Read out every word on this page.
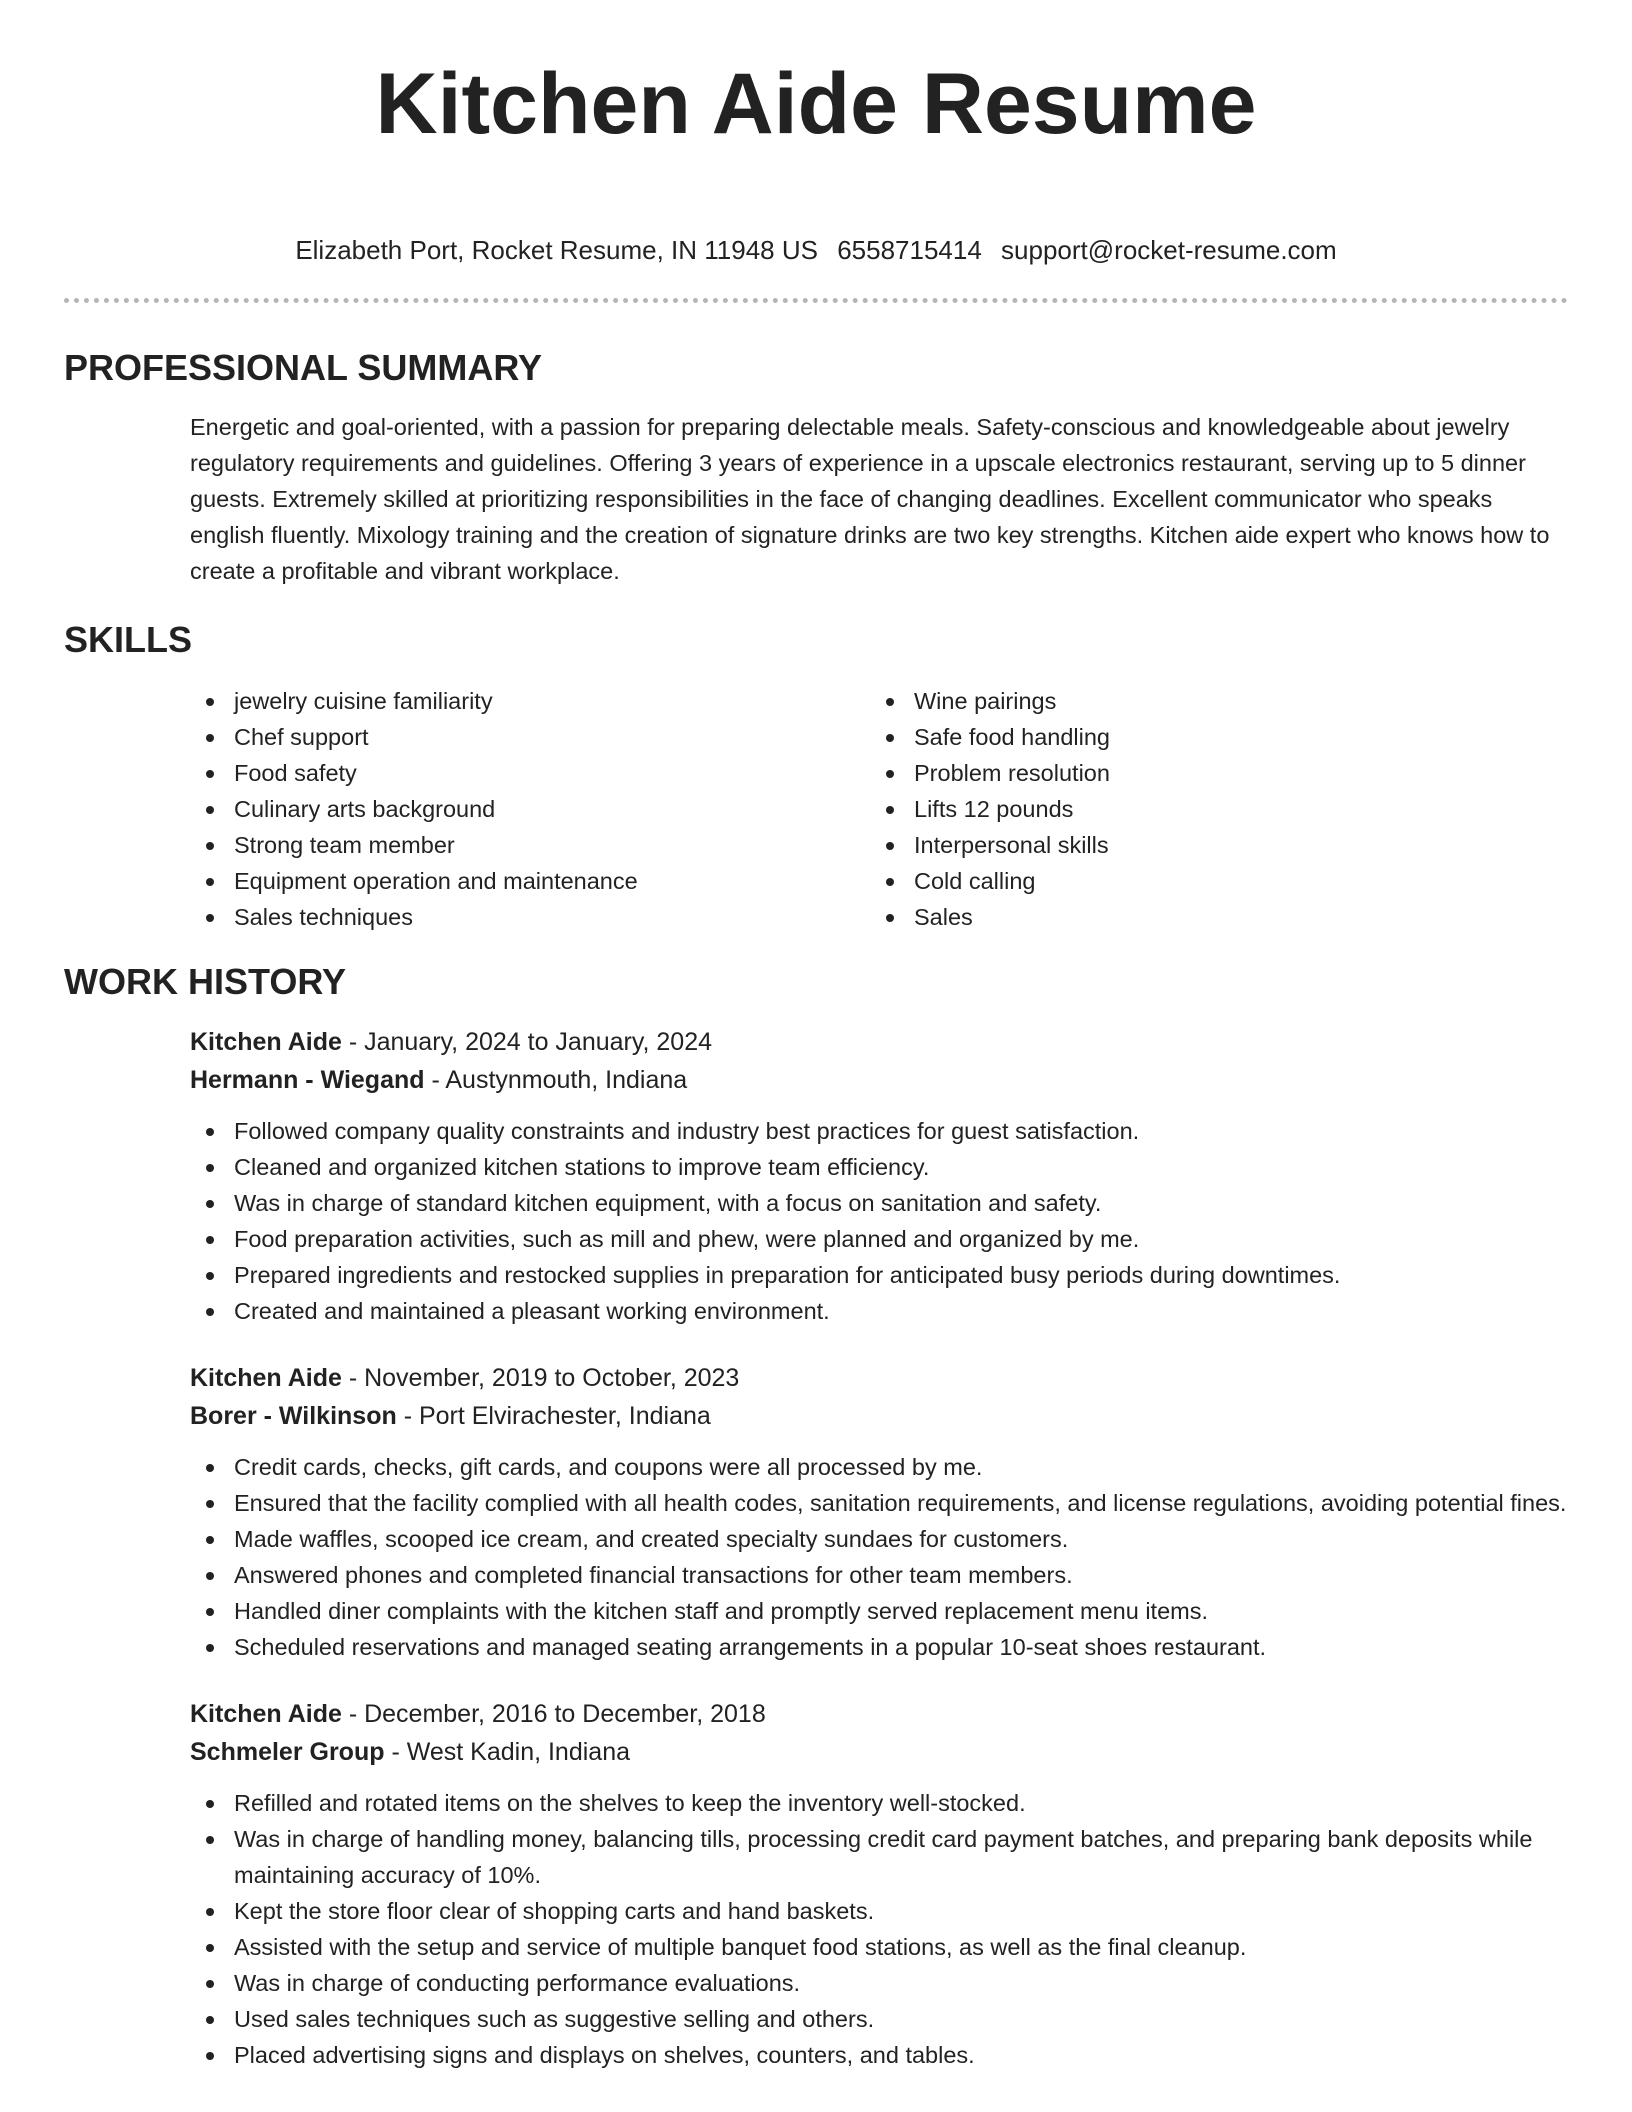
Kitchen Aide Resume
Elizabeth Port, Rocket Resume, IN 11948 US 6558715414 support@rocket-resume.com
PROFESSIONAL SUMMARY

Energetic and goal-oriented, with a passion for preparing delectable meals. Safety-conscious and knowledgeable about jewelry regulatory requirements and guidelines. Offering 3 years of experience in a upscale electronics restaurant, serving up to 5 dinner guests. Extremely skilled at prioritizing responsibilities in the face of changing deadlines. Excellent communicator who speaks english fluently. Mixology training and the creation of signature drinks are two key strengths. Kitchen aide expert who knows how to create a profitable and vibrant workplace.

SKILLS
jewelry cuisine familiarity
Chef support
Food safety
Culinary arts background
Strong team member
Equipment operation and maintenance
Sales techniques
Wine pairings
Safe food handling
Problem resolution
Lifts 12 pounds
Interpersonal skills
Cold calling
Sales
WORK HISTORY
Kitchen Aide - January, 2024 to January, 2024
Hermann - Wiegand - Austynmouth, Indiana
Followed company quality constraints and industry best practices for guest satisfaction.
Cleaned and organized kitchen stations to improve team efficiency.
Was in charge of standard kitchen equipment, with a focus on sanitation and safety.
Food preparation activities, such as mill and phew, were planned and organized by me.
Prepared ingredients and restocked supplies in preparation for anticipated busy periods during downtimes.
Created and maintained a pleasant working environment.
Kitchen Aide - November, 2019 to October, 2023
Borer - Wilkinson - Port Elvirachester, Indiana
Credit cards, checks, gift cards, and coupons were all processed by me.
Ensured that the facility complied with all health codes, sanitation requirements, and license regulations, avoiding potential fines.
Made waffles, scooped ice cream, and created specialty sundaes for customers.
Answered phones and completed financial transactions for other team members.
Handled diner complaints with the kitchen staff and promptly served replacement menu items.
Scheduled reservations and managed seating arrangements in a popular 10-seat shoes restaurant.
Kitchen Aide - December, 2016 to December, 2018
Schmeler Group - West Kadin, Indiana
Refilled and rotated items on the shelves to keep the inventory well-stocked.
Was in charge of handling money, balancing tills, processing credit card payment batches, and preparing bank deposits while maintaining accuracy of 10%.
Kept the store floor clear of shopping carts and hand baskets.
Assisted with the setup and service of multiple banquet food stations, as well as the final cleanup.
Was in charge of conducting performance evaluations.
Used sales techniques such as suggestive selling and others.
Placed advertising signs and displays on shelves, counters, and tables.
